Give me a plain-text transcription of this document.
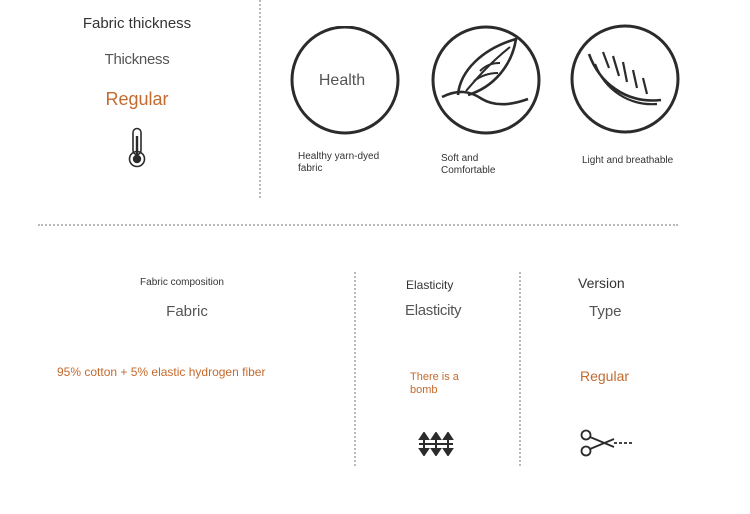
Fabric thickness
Thickness
Regular
Health
Healthy yarn-dyed fabric
Soft and Comfortable
Light and breathable
Fabric composition
Fabric
95% cotton + 5% elastic hydrogen fiber
Elasticity
Elasticity
There is a bomb
Version
Type
Regular
